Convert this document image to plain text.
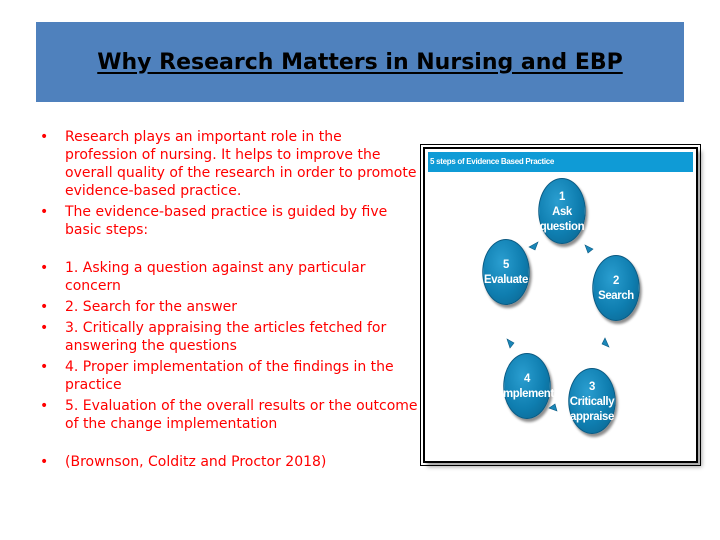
Why Research Matters in Nursing and EBP
• Research plays an important role in the profession of nursing. It helps to improve the overall quality of the research in order to promote evidence-based practice.
• The evidence-based practice is guided by five basic steps:
• 1. Asking a question against any particular concern
• 2. Search for the answer
• 3. Critically appraising the articles fetched for answering the questions
• 4. Proper implementation of the findings in the practice
• 5. Evaluation of the overall results or the outcome of the change implementation
• (Brownson, Colditz and Proctor 2018)
5 steps of Evidence Based Practice
1
Ask
question
2
Search
3
Critically
appraise
4
Implement
5
Evaluate
